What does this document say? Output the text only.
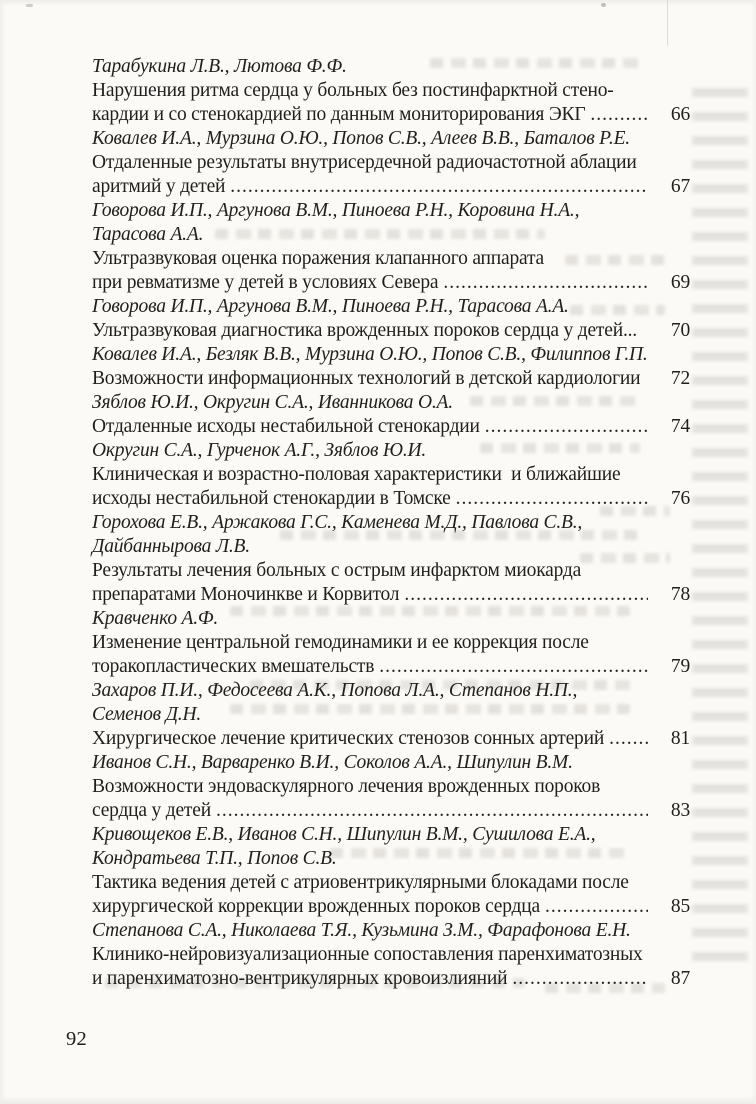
Тарабукина Л.В., Лютова Ф.Ф.
Нарушения ритма сердца у больных без постинфарктной стено-
кардии и со стенокардией по данным мониторирования ЭКГ .....	66
Ковалев И.А., Мурзина О.Ю., Попов С.В., Алеев В.В., Баталов Р.Е.
Отдаленные результаты внутрисердечной радиочастотной аблации
аритмий у детей .....	67
Говорова И.П., Аргунова В.М., Пиноева Р.Н., Коровина Н.А.,
Тарасова А.А.
Ультразвуковая оценка поражения клапанного аппарата
при ревматизме у детей в условиях Севера .....	69
Говорова И.П., Аргунова В.М., Пиноева Р.Н., Тарасова А.А.
Ультразвуковая диагностика врожденных пороков сердца у детей...	70
Ковалев И.А., Безляк В.В., Мурзина О.Ю., Попов С.В., Филиппов Г.П.
Возможности информационных технологий в детской кардиологии	72
Зяблов Ю.И., Округин С.А., Иванникова О.А.
Отдаленные исходы нестабильной стенокардии .....	74
Округин С.А., Гурченок А.Г., Зяблов Ю.И.
Клиническая и возрастно-половая характеристики  и ближайшие
исходы нестабильной стенокардии в Томске .....	76
Горохова Е.В., Аржакова Г.С., Каменева М.Д., Павлова С.В.,
Дайбаннырова Л.В.
Результаты лечения больных с острым инфарктом миокарда
препаратами Моночинкве и Корвитол .....	78
Кравченко А.Ф.
Изменение центральной гемодинамики и ее коррекция после
торакопластических вмешательств .....	79
Захаров П.И., Федосеева А.К., Попова Л.А., Степанов Н.П.,
Семенов Д.Н.
Хирургическое лечение критических стенозов сонных артерий .....	81
Иванов С.Н., Варваренко В.И., Соколов А.А., Шипулин В.М.
Возможности эндоваскулярного лечения врожденных пороков
сердца у детей .....	83
Кривощеков Е.В., Иванов С.Н., Шипулин В.М., Сушилова Е.А.,
Кондратьева Т.П., Попов С.В.
Тактика ведения детей с атриовентрикулярными блокадами после
хирургической коррекции врожденных пороков сердца .....	85
Степанова С.А., Николаева Т.Я., Кузьмина З.М., Фарафонова Е.Н.
Клинико-нейровизуализационные сопоставления паренхиматозных
и паренхиматозно-вентрикулярных кровоизлияний .....	87
92
